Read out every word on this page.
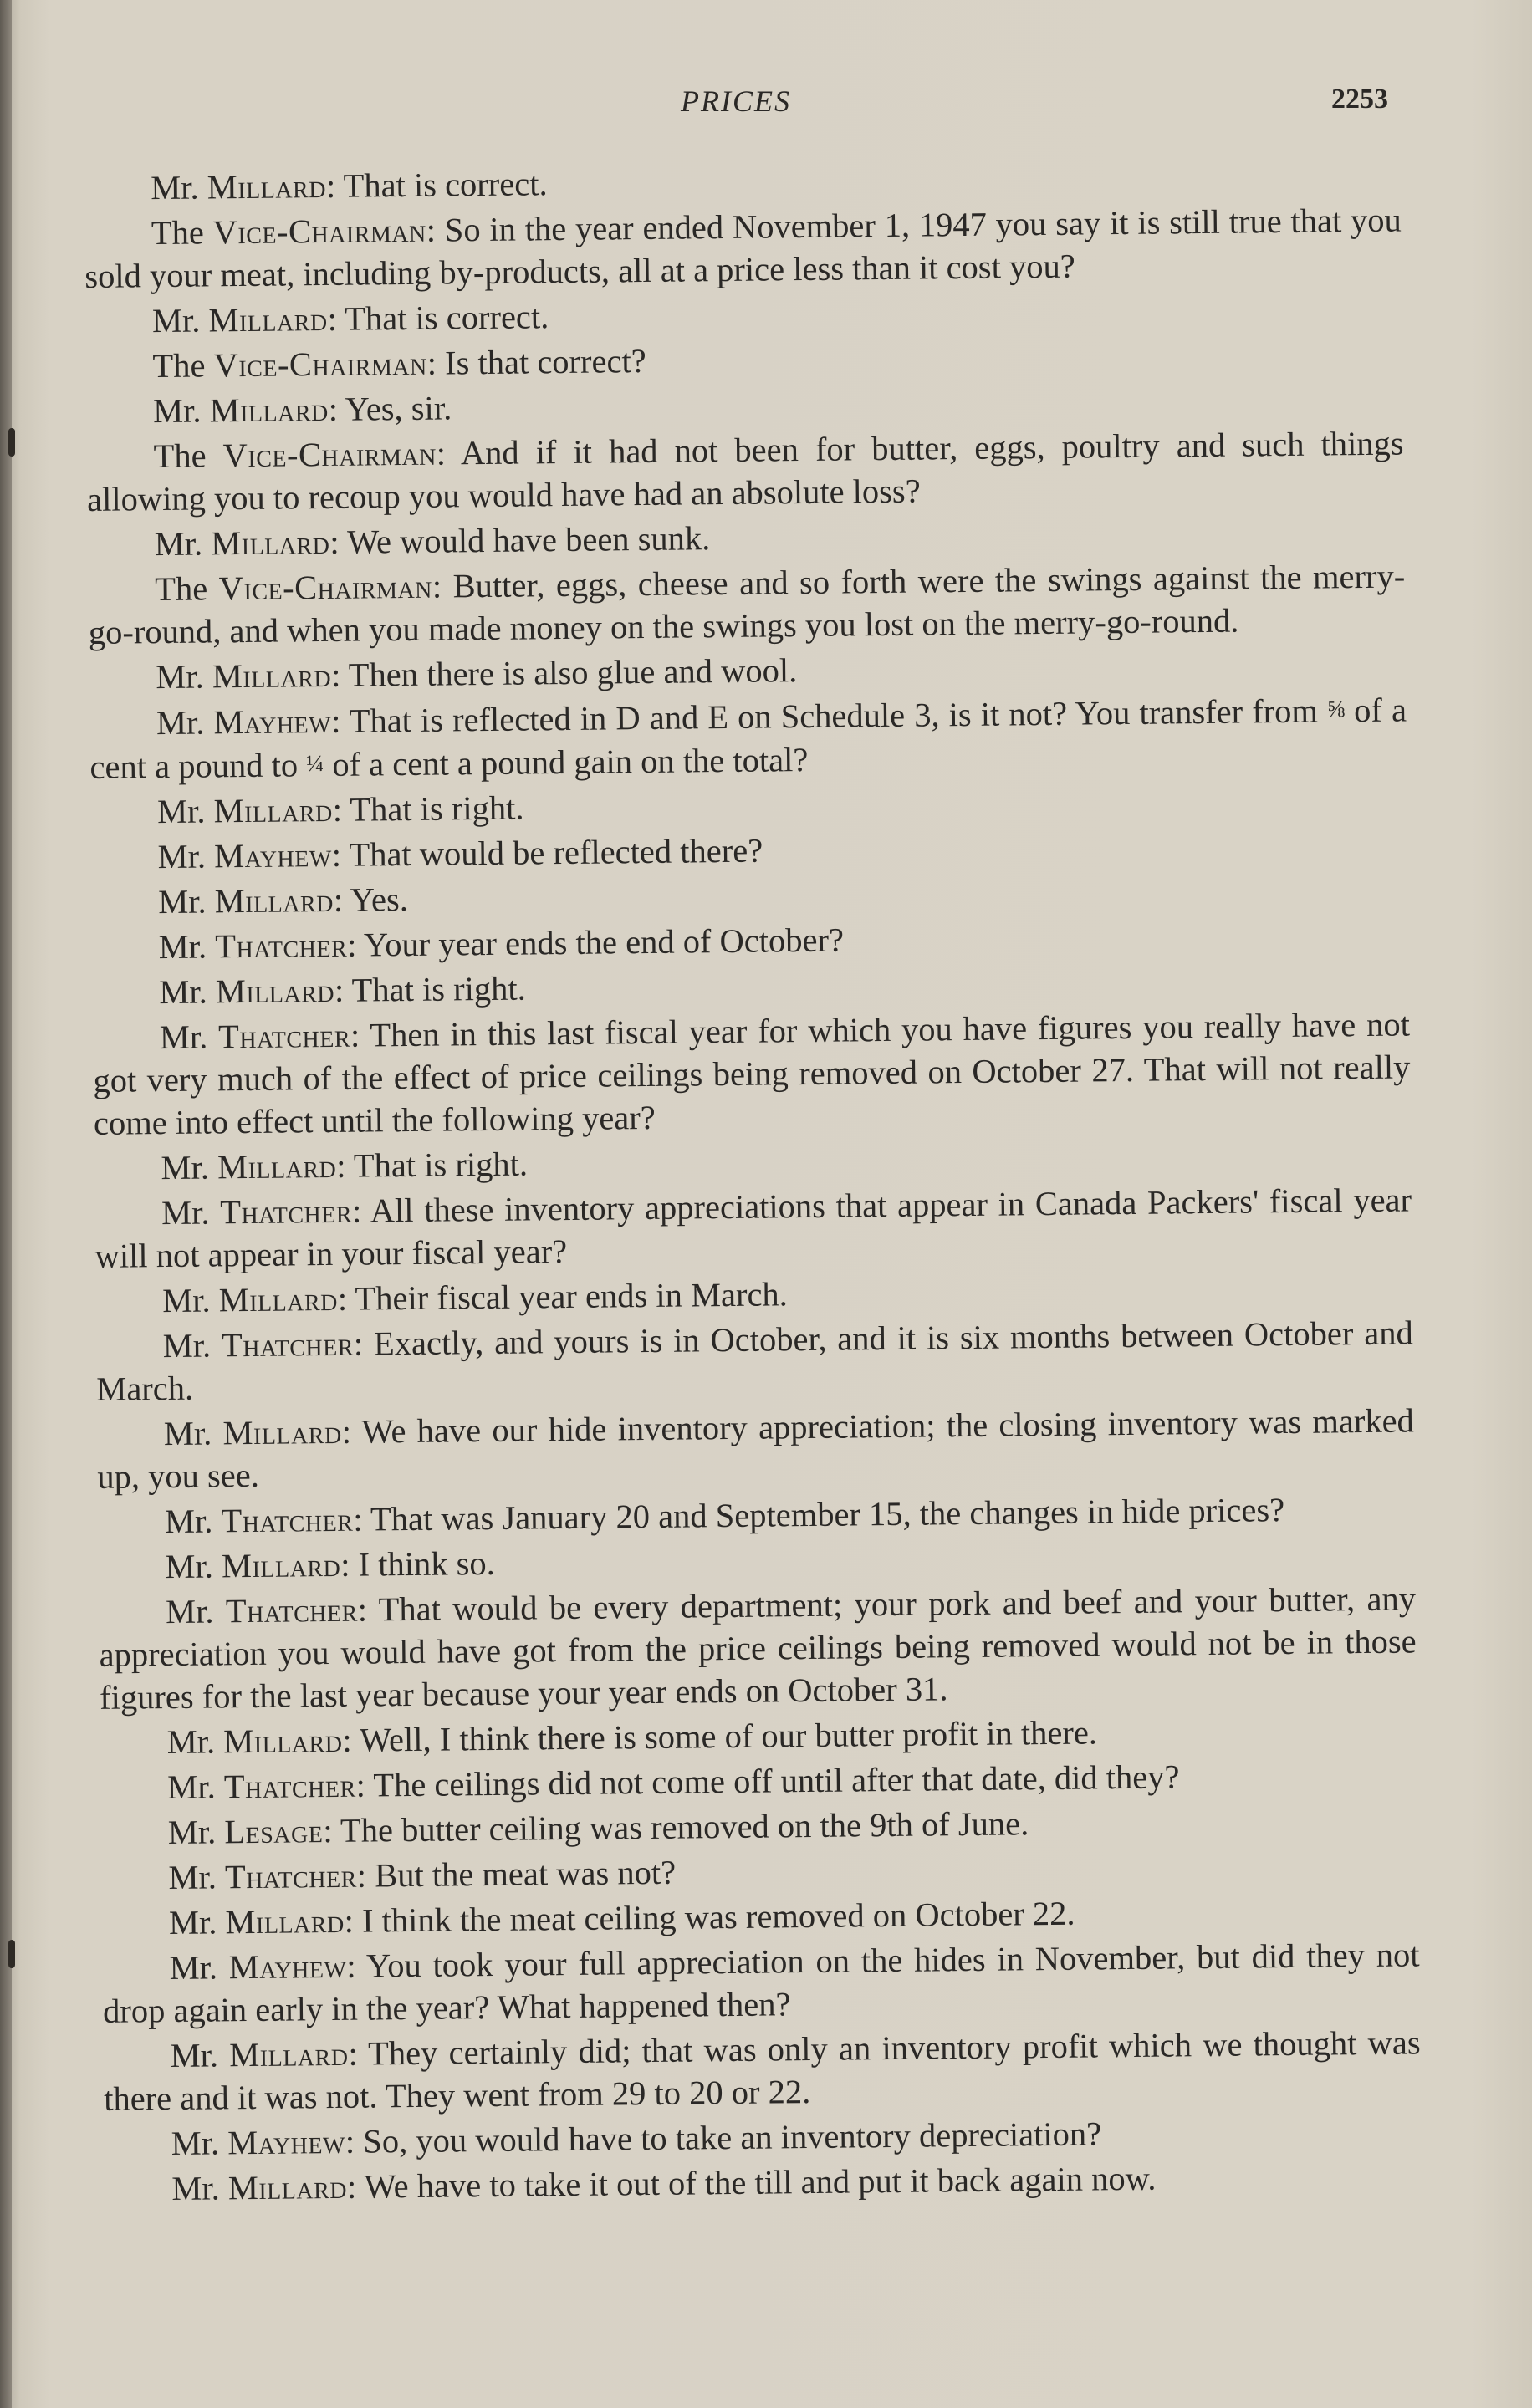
PRICES	2253

Mr. Millard: That is correct.

The Vice-Chairman: So in the year ended November 1, 1947 you say it is still true that you sold your meat, including by-products, all at a price less than it cost you?

Mr. Millard: That is correct.

The Vice-Chairman: Is that correct?

Mr. Millard: Yes, sir.

The Vice-Chairman: And if it had not been for butter, eggs, poultry and such things allowing you to recoup you would have had an absolute loss?

Mr. Millard: We would have been sunk.

The Vice-Chairman: Butter, eggs, cheese and so forth were the swings against the merry-go-round, and when you made money on the swings you lost on the merry-go-round.

Mr. Millard: Then there is also glue and wool.

Mr. Mayhew: That is reflected in D and E on Schedule 3, is it not? You transfer from ⅝ of a cent a pound to ¼ of a cent a pound gain on the total?

Mr. Millard: That is right.

Mr. Mayhew: That would be reflected there?

Mr. Millard: Yes.

Mr. Thatcher: Your year ends the end of October?

Mr. Millard: That is right.

Mr. Thatcher: Then in this last fiscal year for which you have figures you really have not got very much of the effect of price ceilings being removed on October 27. That will not really come into effect until the following year?

Mr. Millard: That is right.

Mr. Thatcher: All these inventory appreciations that appear in Canada Packers' fiscal year will not appear in your fiscal year?

Mr. Millard: Their fiscal year ends in March.

Mr. Thatcher: Exactly, and yours is in October, and it is six months between October and March.

Mr. Millard: We have our hide inventory appreciation; the closing inventory was marked up, you see.

Mr. Thatcher: That was January 20 and September 15, the changes in hide prices?

Mr. Millard: I think so.

Mr. Thatcher: That would be every department; your pork and beef and your butter, any appreciation you would have got from the price ceilings being removed would not be in those figures for the last year because your year ends on October 31.

Mr. Millard: Well, I think there is some of our butter profit in there.

Mr. Thatcher: The ceilings did not come off until after that date, did they?

Mr. Lesage: The butter ceiling was removed on the 9th of June.

Mr. Thatcher: But the meat was not?

Mr. Millard: I think the meat ceiling was removed on October 22.

Mr. Mayhew: You took your full appreciation on the hides in November, but did they not drop again early in the year? What happened then?

Mr. Millard: They certainly did; that was only an inventory profit which we thought was there and it was not. They went from 29 to 20 or 22.

Mr. Mayhew: So, you would have to take an inventory depreciation?

Mr. Millard: We have to take it out of the till and put it back again now.
